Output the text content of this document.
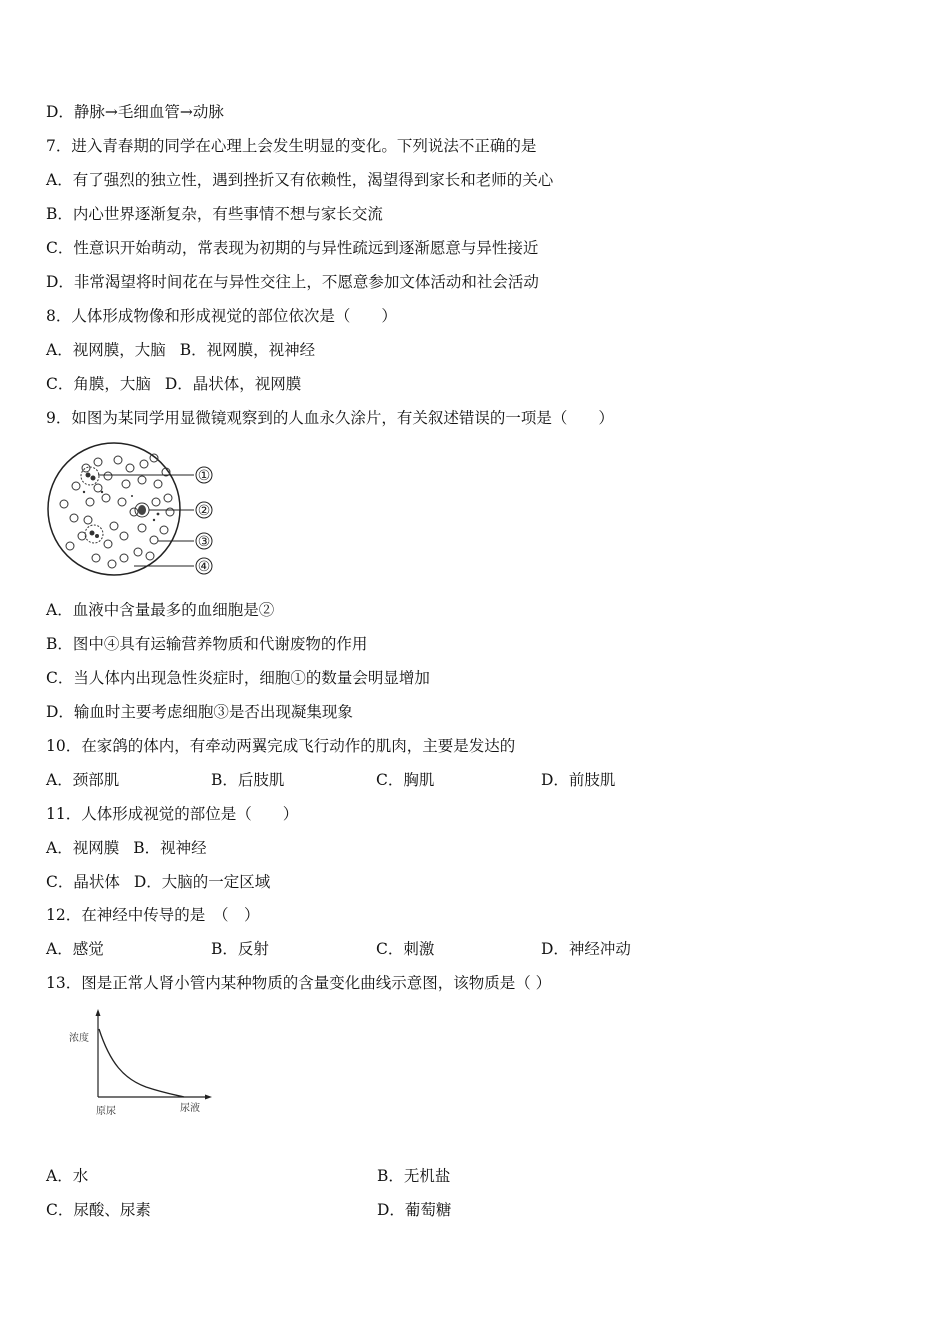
D．静脉→毛细血管→动脉
7．进入青春期的同学在心理上会发生明显的变化。下列说法不正确的是
A．有了强烈的独立性，遇到挫折又有依赖性，渴望得到家长和老师的关心
B．内心世界逐渐复杂，有些事情不想与家长交流
C．性意识开始萌动，常表现为初期的与异性疏远到逐渐愿意与异性接近
D．非常渴望将时间花在与异性交往上，不愿意参加文体活动和社会活动
8．人体形成物像和形成视觉的部位依次是（　　）
A．视网膜，大脑 B．视网膜，视神经
C．角膜，大脑 D．晶状体，视网膜
9．如图为某同学用显微镜观察到的人血永久涂片，有关叙述错误的一项是（　　）
①
②
③
④
A．血液中含量最多的血细胞是②
B．图中④具有运输营养物质和代谢废物的作用
C．当人体内出现急性炎症时，细胞①的数量会明显增加
D．输血时主要考虑细胞③是否出现凝集现象
10．在家鸽的体内，有牵动两翼完成飞行动作的肌肉，主要是发达的
A．颈部肌	B．后肢肌	C．胸肌	D．前肢肌
11．人体形成视觉的部位是（　　）
A．视网膜 B．视神经
C．晶状体 D．大脑的一定区域
12．在神经中传导的是　（　）
A．感觉	B．反射	C．刺激	D．神经冲动
13．图是正常人肾小管内某种物质的含量变化曲线示意图，该物质是（ ）
浓度
原尿	尿液
A．水	B．无机盐
C．尿酸、尿素	D．葡萄糖
